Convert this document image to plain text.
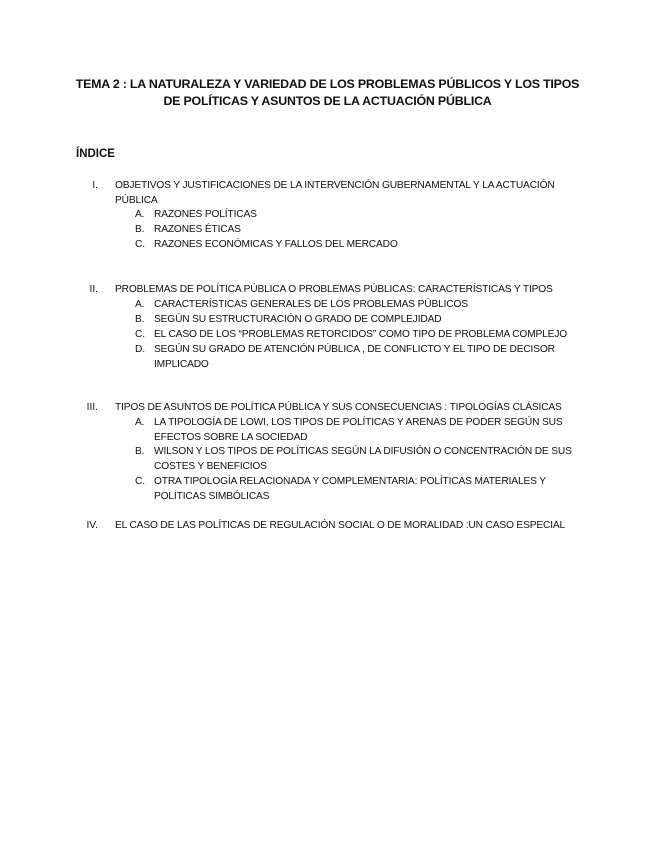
TEMA 2 : LA NATURALEZA Y VARIEDAD DE LOS PROBLEMAS PÚBLICOS Y LOS TIPOS
DE POLÍTICAS Y ASUNTOS DE LA ACTUACIÓN PÚBLICA
ÍNDICE
I. OBJETIVOS Y JUSTIFICACIONES DE LA INTERVENCIÓN GUBERNAMENTAL Y LA ACTUACIÓN PÚBLICA
A. RAZONES POLÍTICAS
B. RAZONES ÉTICAS
C. RAZONES ECONÓMICAS Y FALLOS DEL MERCADO
II. PROBLEMAS DE POLÍTICA PÚBLICA O PROBLEMAS PÚBLICAS: CARACTERÍSTICAS Y TIPOS
A. CARACTERÍSTICAS GENERALES DE LOS PROBLEMAS PÚBLICOS
B. SEGÚN SU ESTRUCTURACIÓN O GRADO DE COMPLEJIDAD
C. EL CASO DE LOS “PROBLEMAS RETORCIDOS” COMO TIPO DE PROBLEMA COMPLEJO
D. SEGÚN SU GRADO DE ATENCIÓN PÚBLICA , DE CONFLICTO Y EL TIPO DE DECISOR IMPLICADO
III. TIPOS DE ASUNTOS DE POLÍTICA PÚBLICA Y SUS CONSECUENCIAS : TIPOLOGÍAS CLÁSICAS
A. LA TIPOLOGÍA DE LOWI, LOS TIPOS DE POLÍTICAS Y ARENAS DE PODER SEGÚN SUS EFECTOS SOBRE LA SOCIEDAD
B. WILSON Y LOS TIPOS DE POLÍTICAS SEGÚN LA DIFUSIÓN O CONCENTRACIÓN DE SUS COSTES Y BENEFICIOS
C. OTRA TIPOLOGÍA RELACIONADA Y COMPLEMENTARIA: POLÍTICAS MATERIALES Y POLÍTICAS SIMBÓLICAS
IV. EL CASO DE LAS POLÍTICAS DE REGULACIÓN SOCIAL O DE MORALIDAD :UN CASO ESPECIAL
